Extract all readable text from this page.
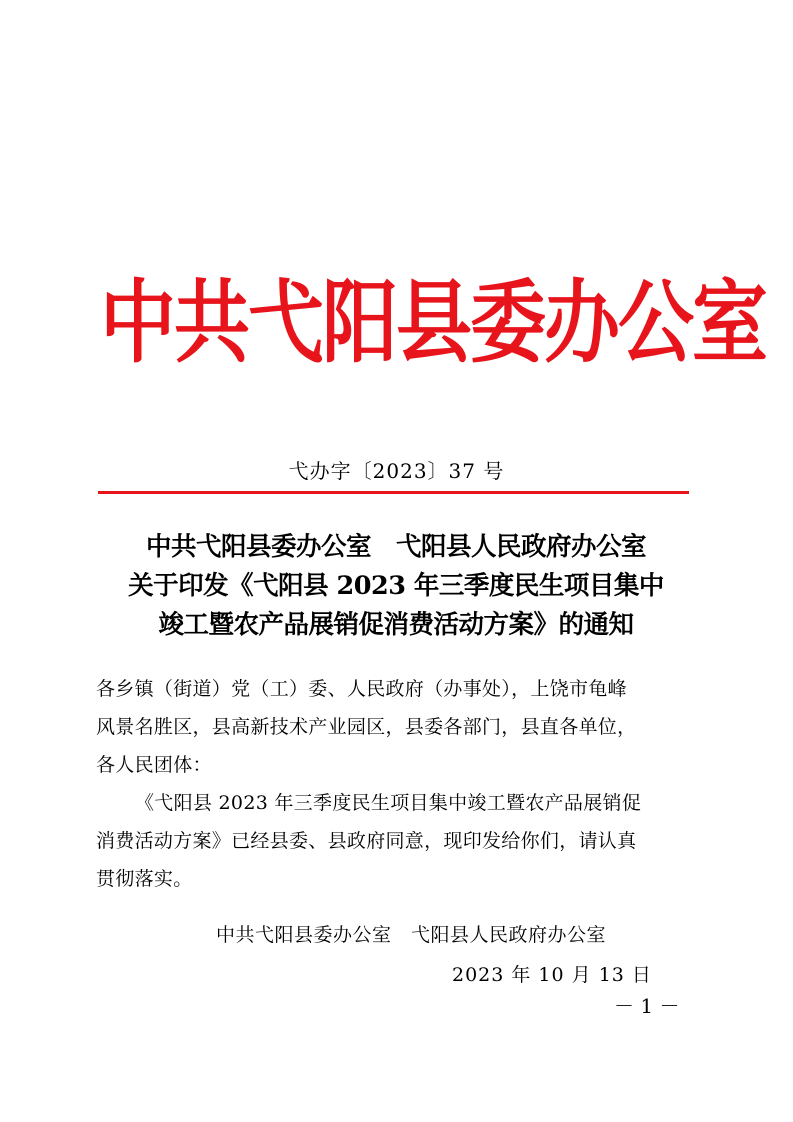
中共弋阳县委办公室
弋办字〔2023〕37 号
中共弋阳县委办公室　弋阳县人民政府办公室
关于印发《弋阳县 2023 年三季度民生项目集中
竣工暨农产品展销促消费活动方案》的通知
各乡镇（街道）党（工）委、人民政府（办事处），上饶市龟峰
风景名胜区，县高新技术产业园区，县委各部门，县直各单位，
各人民团体：
《弋阳县 2023 年三季度民生项目集中竣工暨农产品展销促
消费活动方案》已经县委、县政府同意，现印发给你们，请认真
贯彻落实。
中共弋阳县委办公室　弋阳县人民政府办公室
2023 年 10 月 13 日
－ 1 －
